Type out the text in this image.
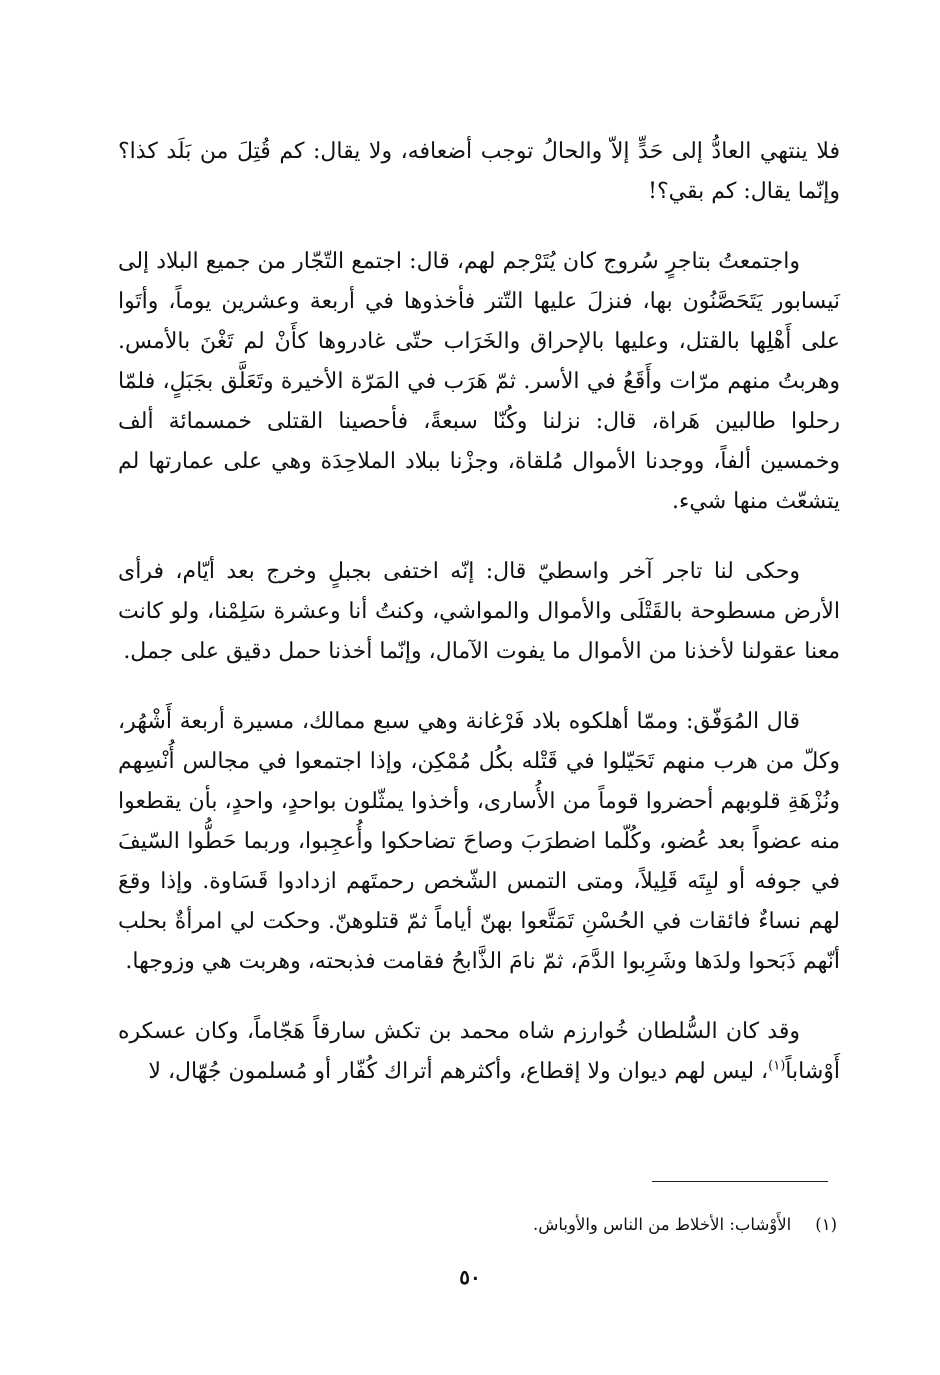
فلا ينتهي العادُّ إلى حَدٍّ إلاّ والحالُ توجب أضعافه، ولا يقال: كم قُتِلَ من بَلَد كذا؟ وإنّما يقال: كم بقي؟!

واجتمعتُ بتاجرٍ سُروج كان يُتَرْجم لهم، قال: اجتمع التّجّار من جميع البلاد إلى نَيسابور يَتَحَصَّنُون بها، فنزلَ عليها التّتر فأخذوها في أربعة وعشرين يوماً، وأتَوا على أَهْلِها بالقتل، وعليها بالإحراق والخَرَاب حتّى غادروها كأَنْ لم تَغْنَ بالأمس. وهربتُ منهم مرّات وأَقَعُ في الأسر. ثمّ هَرَب في المَرّة الأخيرة وتَعَلَّق بجَبَلٍ، فلمّا رحلوا طالبين هَراة، قال: نزلنا وكُنّا سبعةً، فأحصينا القتلى خمسمائة ألف وخمسين ألفاً، ووجدنا الأموال مُلقاة، وجزْنا ببلاد الملاحِدَة وهي على عمارتها لم يتشعّث منها شيء.

وحكى لنا تاجر آخر واسطيّ قال: إنّه اختفى بجبلٍ وخرج بعد أيّام، فرأى الأرض مسطوحة بالقَتْلَى والأموال والمواشي، وكنتُ أنا وعشرة سَلِمْنا، ولو كانت معنا عقولنا لأخذنا من الأموال ما يفوت الآمال، وإنّما أخذنا حمل دقيق على جمل.

قال المُوَفّق: وممّا أهلكوه بلاد فَرْغانة وهي سبع ممالك، مسيرة أربعة أَشْهُر، وكلّ من هرب منهم تَحَيّلوا في قَتْله بكُل مُمْكِن، وإذا اجتمعوا في مجالس أُنْسِهم ونُزْهَةِ قلوبهم أحضروا قوماً من الأُسارى، وأخذوا يمثّلون بواحدٍ، واحدٍ، بأن يقطعوا منه عضواً بعد عُضو، وكُلّما اضطرَبَ وصاحَ تضاحكوا وأُعجِبوا، وربما حَطُّوا السّيفَ في جوفه أو ليِتَه قَلِيلاً، ومتى التمس الشّخص رحمتَهم ازدادوا قَسَاوة. وإذا وقعَ لهم نساءٌ فائقات في الحُسْنِ تَمَتَّعوا بهنّ أياماً ثمّ قتلوهنّ. وحكت لي امرأةٌ بحلب أنّهم ذَبَحوا ولدَها وشَرِبوا الدَّمَ، ثمّ نامَ الذَّابحُ فقامت فذبحته، وهربت هي وزوجها.

وقد كان السُّلطان خُوارزم شاه محمد بن تكش سارقاً هَجّاماً، وكان عسكره أَوْشاباً$^{(١)}$، ليس لهم ديوان ولا إقطاع، وأكثرهم أتراك كُفّار أو مُسلمون جُهّال، لا

(١)الأَوْشاب: الأخلاط من الناس والأوباش.
٥٠
